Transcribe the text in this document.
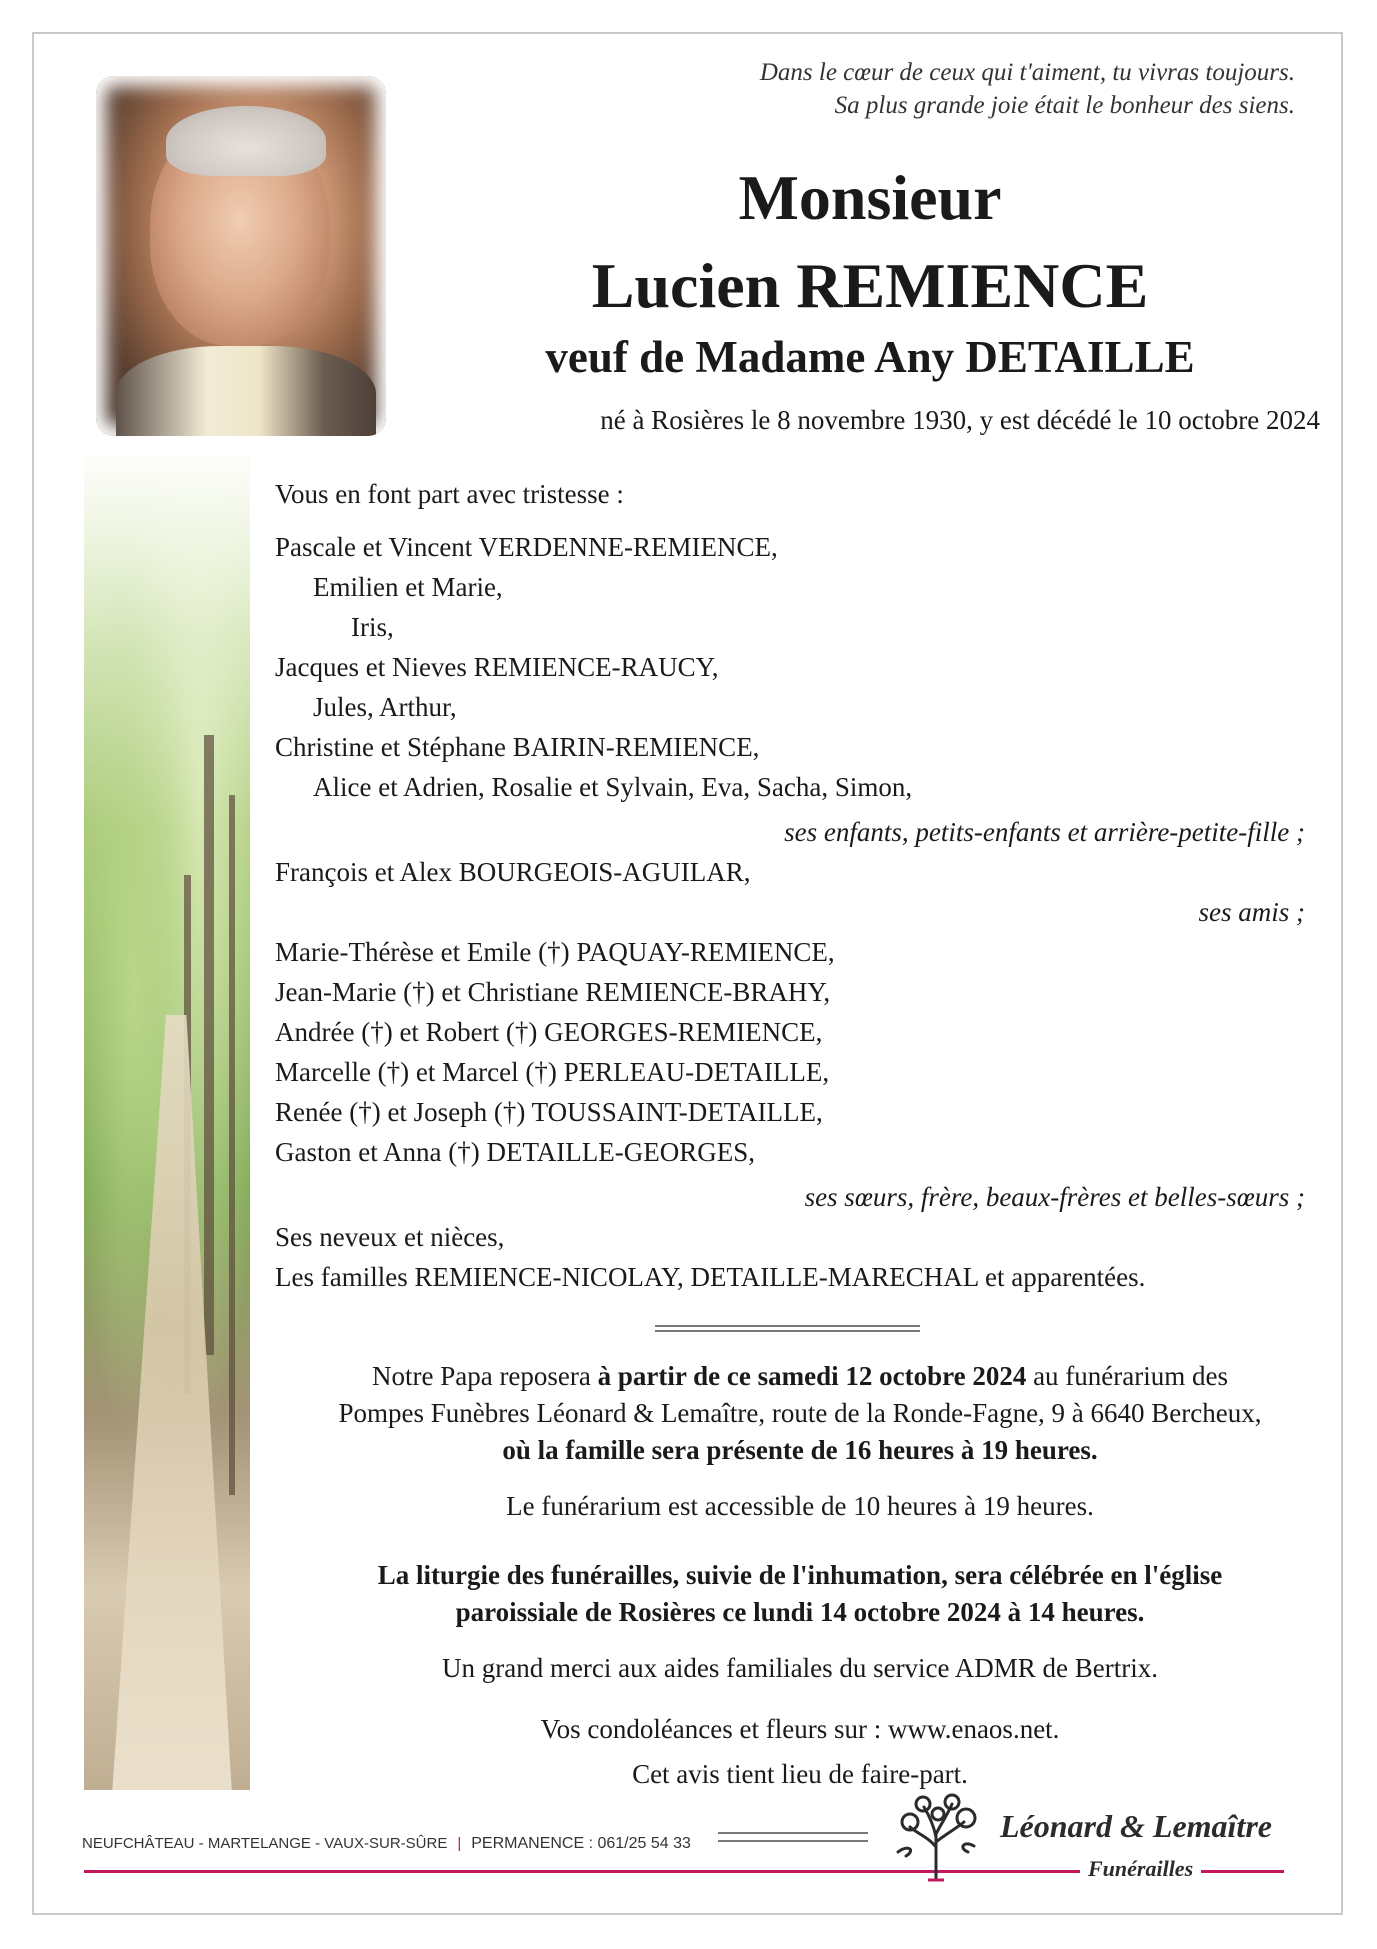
Dans le cœur de ceux qui t'aiment, tu vivras toujours.
Sa plus grande joie était le bonheur des siens.
Monsieur
Lucien REMIENCE
veuf de Madame Any DETAILLE
né à Rosières le 8 novembre 1930, y est décédé le 10 octobre 2024
Vous en font part avec tristesse :
Pascale et Vincent VERDENNE-REMIENCE,
Emilien et Marie,
Iris,
Jacques et Nieves REMIENCE-RAUCY,
Jules, Arthur,
Christine et Stéphane BAIRIN-REMIENCE,
Alice et Adrien, Rosalie et Sylvain, Eva, Sacha, Simon,
ses enfants, petits-enfants et arrière-petite-fille ;
François et Alex BOURGEOIS-AGUILAR,
ses amis ;
Marie-Thérèse et Emile (†) PAQUAY-REMIENCE,
Jean-Marie (†) et Christiane REMIENCE-BRAHY,
Andrée (†) et Robert (†) GEORGES-REMIENCE,
Marcelle (†) et Marcel (†) PERLEAU-DETAILLE,
Renée (†) et Joseph (†) TOUSSAINT-DETAILLE,
Gaston et Anna (†) DETAILLE-GEORGES,
ses sœurs, frère, beaux-frères et belles-sœurs ;
Ses neveux et nièces,
Les familles REMIENCE-NICOLAY, DETAILLE-MARECHAL et apparentées.
Notre Papa reposera à partir de ce samedi 12 octobre 2024 au funérarium des
Pompes Funèbres Léonard & Lemaître, route de la Ronde-Fagne, 9 à 6640 Bercheux,
où la famille sera présente de 16 heures à 19 heures.
Le funérarium est accessible de 10 heures à 19 heures.
La liturgie des funérailles, suivie de l'inhumation, sera célébrée en l'église
paroissiale de Rosières ce lundi 14 octobre 2024 à 14 heures.
Un grand merci aux aides familiales du service ADMR de Bertrix.
Vos condoléances et fleurs sur : www.enaos.net.
Cet avis tient lieu de faire-part.
NEUFCHÂTEAU - MARTELANGE - VAUX-SUR-SÛRE | PERMANENCE : 061/25 54 33	Léonard & Lemaître
Funérailles
